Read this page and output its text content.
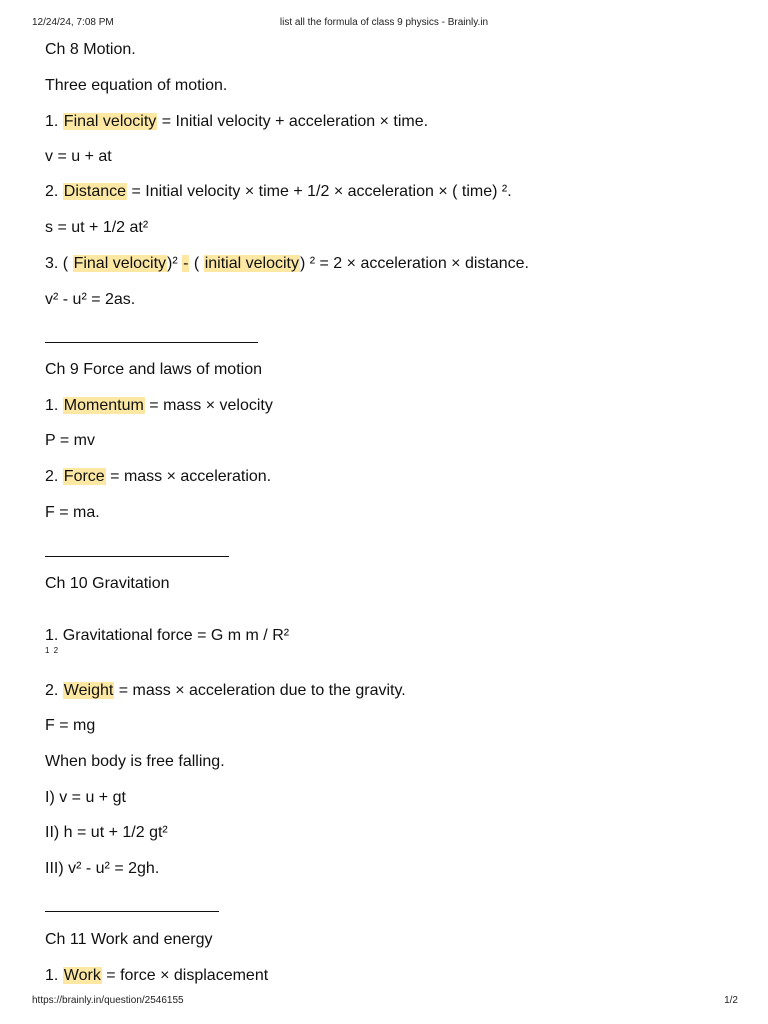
12/24/24, 7:08 PM	list all the formula of class 9 physics - Brainly.in
Ch 8 Motion.
Three equation of motion.
1. Final velocity = Initial velocity + acceleration × time.
v = u + at
2. Distance = Initial velocity × time + 1/2 × acceleration × ( time) ².
s = ut + 1/2 at²
3. ( Final velocity)² - ( initial velocity) ² = 2 × acceleration × distance.
v² - u² = 2as.
Ch 9 Force and laws of motion
1. Momentum = mass × velocity
P = mv
2. Force = mass × acceleration.
F = ma.
Ch 10 Gravitation
1. Gravitational force = G m m / R²
1 2
2. Weight = mass × acceleration due to the gravity.
F = mg
When body is free falling.
I) v = u + gt
II) h = ut + 1/2 gt²
III) v² - u² = 2gh.
Ch 11 Work and energy
1. Work = force × displacement
https://brainly.in/question/2546155	1/2
